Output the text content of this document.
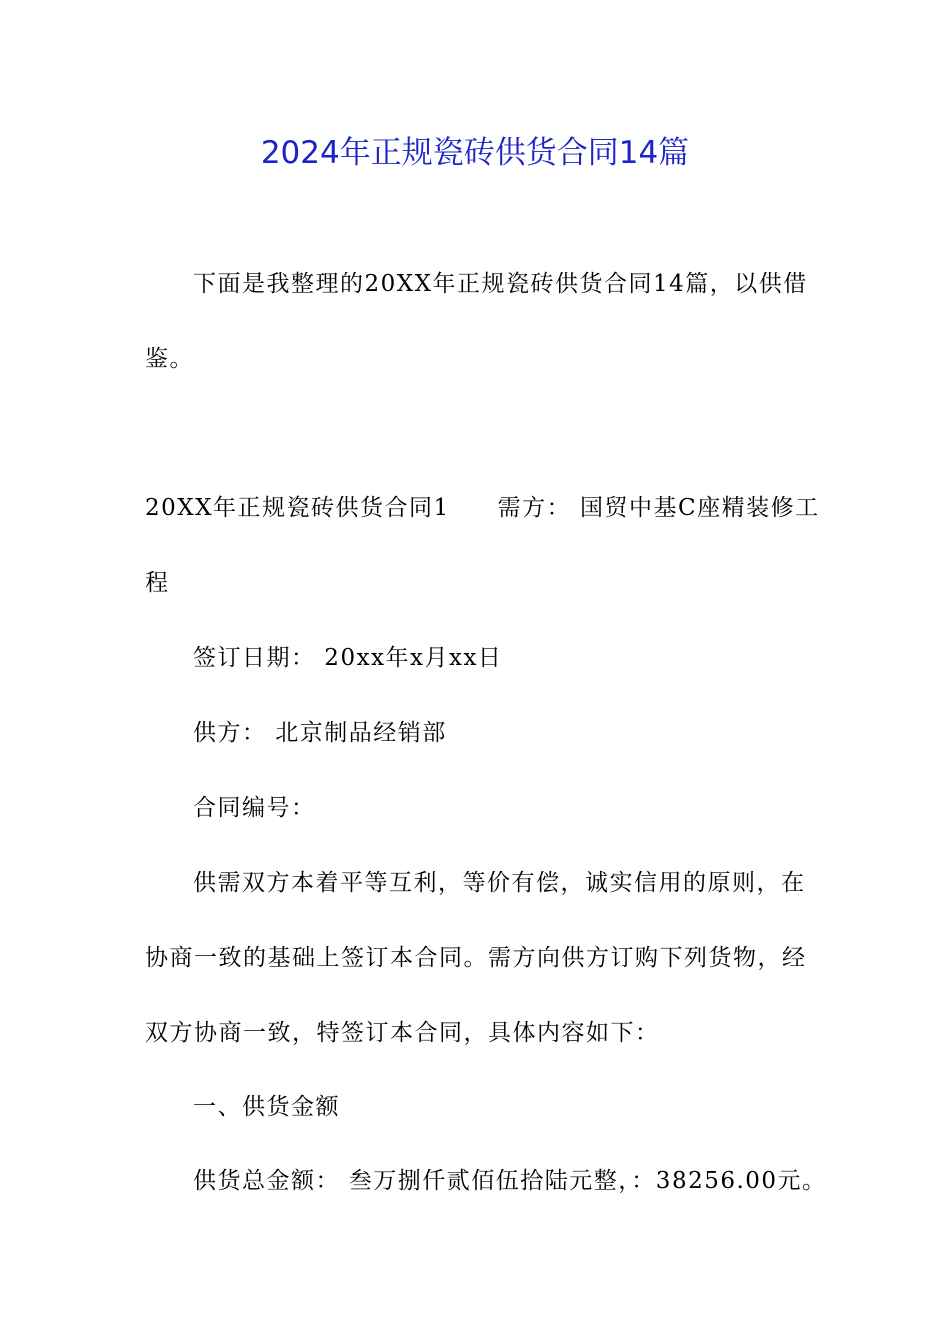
2024年正规瓷砖供货合同14篇
下面是我整理的20XX年正规瓷砖供货合同14篇，以供借
鉴。
20XX年正规瓷砖供货合同1 需方： 国贸中基C座精装修工
程
签订日期： 20xx年x月xx日
供方： 北京制品经销部
合同编号：
供需双方本着平等互利，等价有偿，诚实信用的原则，在
协商一致的基础上签订本合同。需方向供方订购下列货物，经
双方协商一致，特签订本合同，具体内容如下：
一、供货金额
供货总金额： 叁万捌仟贰佰伍拾陆元整，：38256.00元。
